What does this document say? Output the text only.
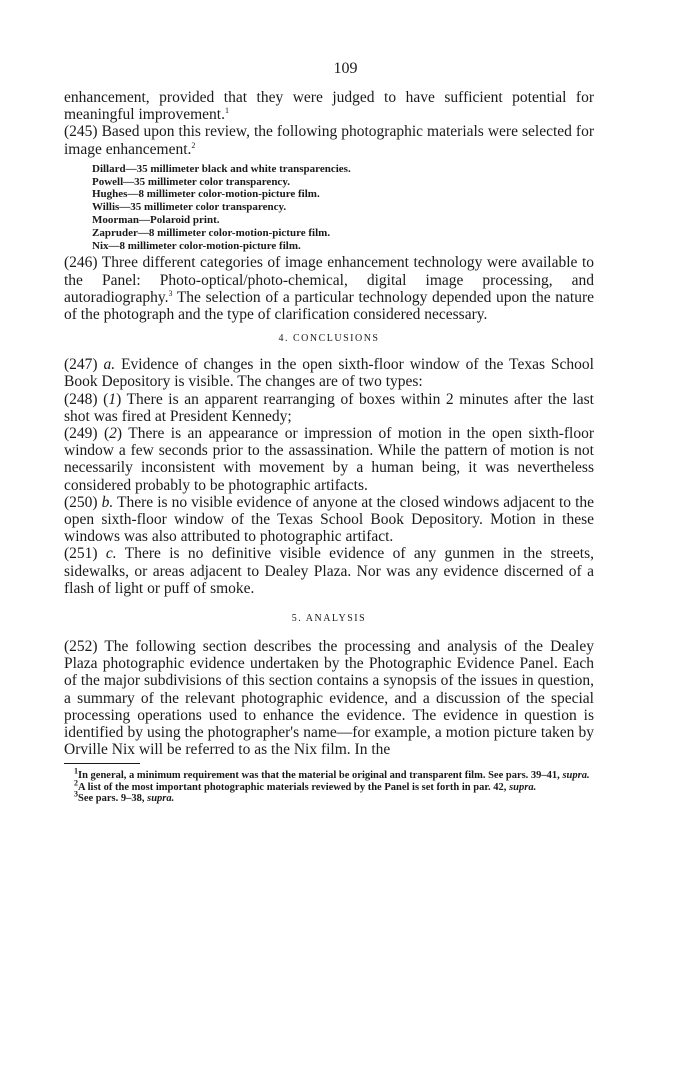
109

enhancement, provided that they were judged to have sufficient potential for meaningful improvement.$^1$

(245) Based upon this review, the following photographic materials were selected for image enhancement.$^2$

Dillard—35 millimeter black and white transparencies.
Powell—35 millimeter color transparency.
Hughes—8 millimeter color-motion-picture film.
Willis—35 millimeter color transparency.
Moorman—Polaroid print.
Zapruder—8 millimeter color-motion-picture film.
Nix—8 millimeter color-motion-picture film.

(246) Three different categories of image enhancement technology were available to the Panel: Photo-optical/photo-chemical, digital image processing, and autoradiography.$^3$ The selection of a particular technology depended upon the nature of the photograph and the type of clarification considered necessary.

4. CONCLUSIONS

(247) a. Evidence of changes in the open sixth-floor window of the Texas School Book Depository is visible. The changes are of two types:

(248) (1) There is an apparent rearranging of boxes within 2 minutes after the last shot was fired at President Kennedy;

(249) (2) There is an appearance or impression of motion in the open sixth-floor window a few seconds prior to the assassination. While the pattern of motion is not necessarily inconsistent with movement by a human being, it was nevertheless considered probably to be photographic artifacts.

(250) b. There is no visible evidence of anyone at the closed windows adjacent to the open sixth-floor window of the Texas School Book Depository. Motion in these windows was also attributed to photographic artifact.

(251) c. There is no definitive visible evidence of any gunmen in the streets, sidewalks, or areas adjacent to Dealey Plaza. Nor was any evidence discerned of a flash of light or puff of smoke.

5. ANALYSIS

(252) The following section describes the processing and analysis of the Dealey Plaza photographic evidence undertaken by the Photographic Evidence Panel. Each of the major subdivisions of this section contains a synopsis of the issues in question, a summary of the relevant photographic evidence, and a discussion of the special processing operations used to enhance the evidence. The evidence in question is identified by using the photographer's name—for example, a motion picture taken by Orville Nix will be referred to as the Nix film. In the

$^1$In general, a minimum requirement was that the material be original and transparent film. See pars. 39–41, supra.
$^2$A list of the most important photographic materials reviewed by the Panel is set forth in par. 42, supra.
$^3$See pars. 9–38, supra.
